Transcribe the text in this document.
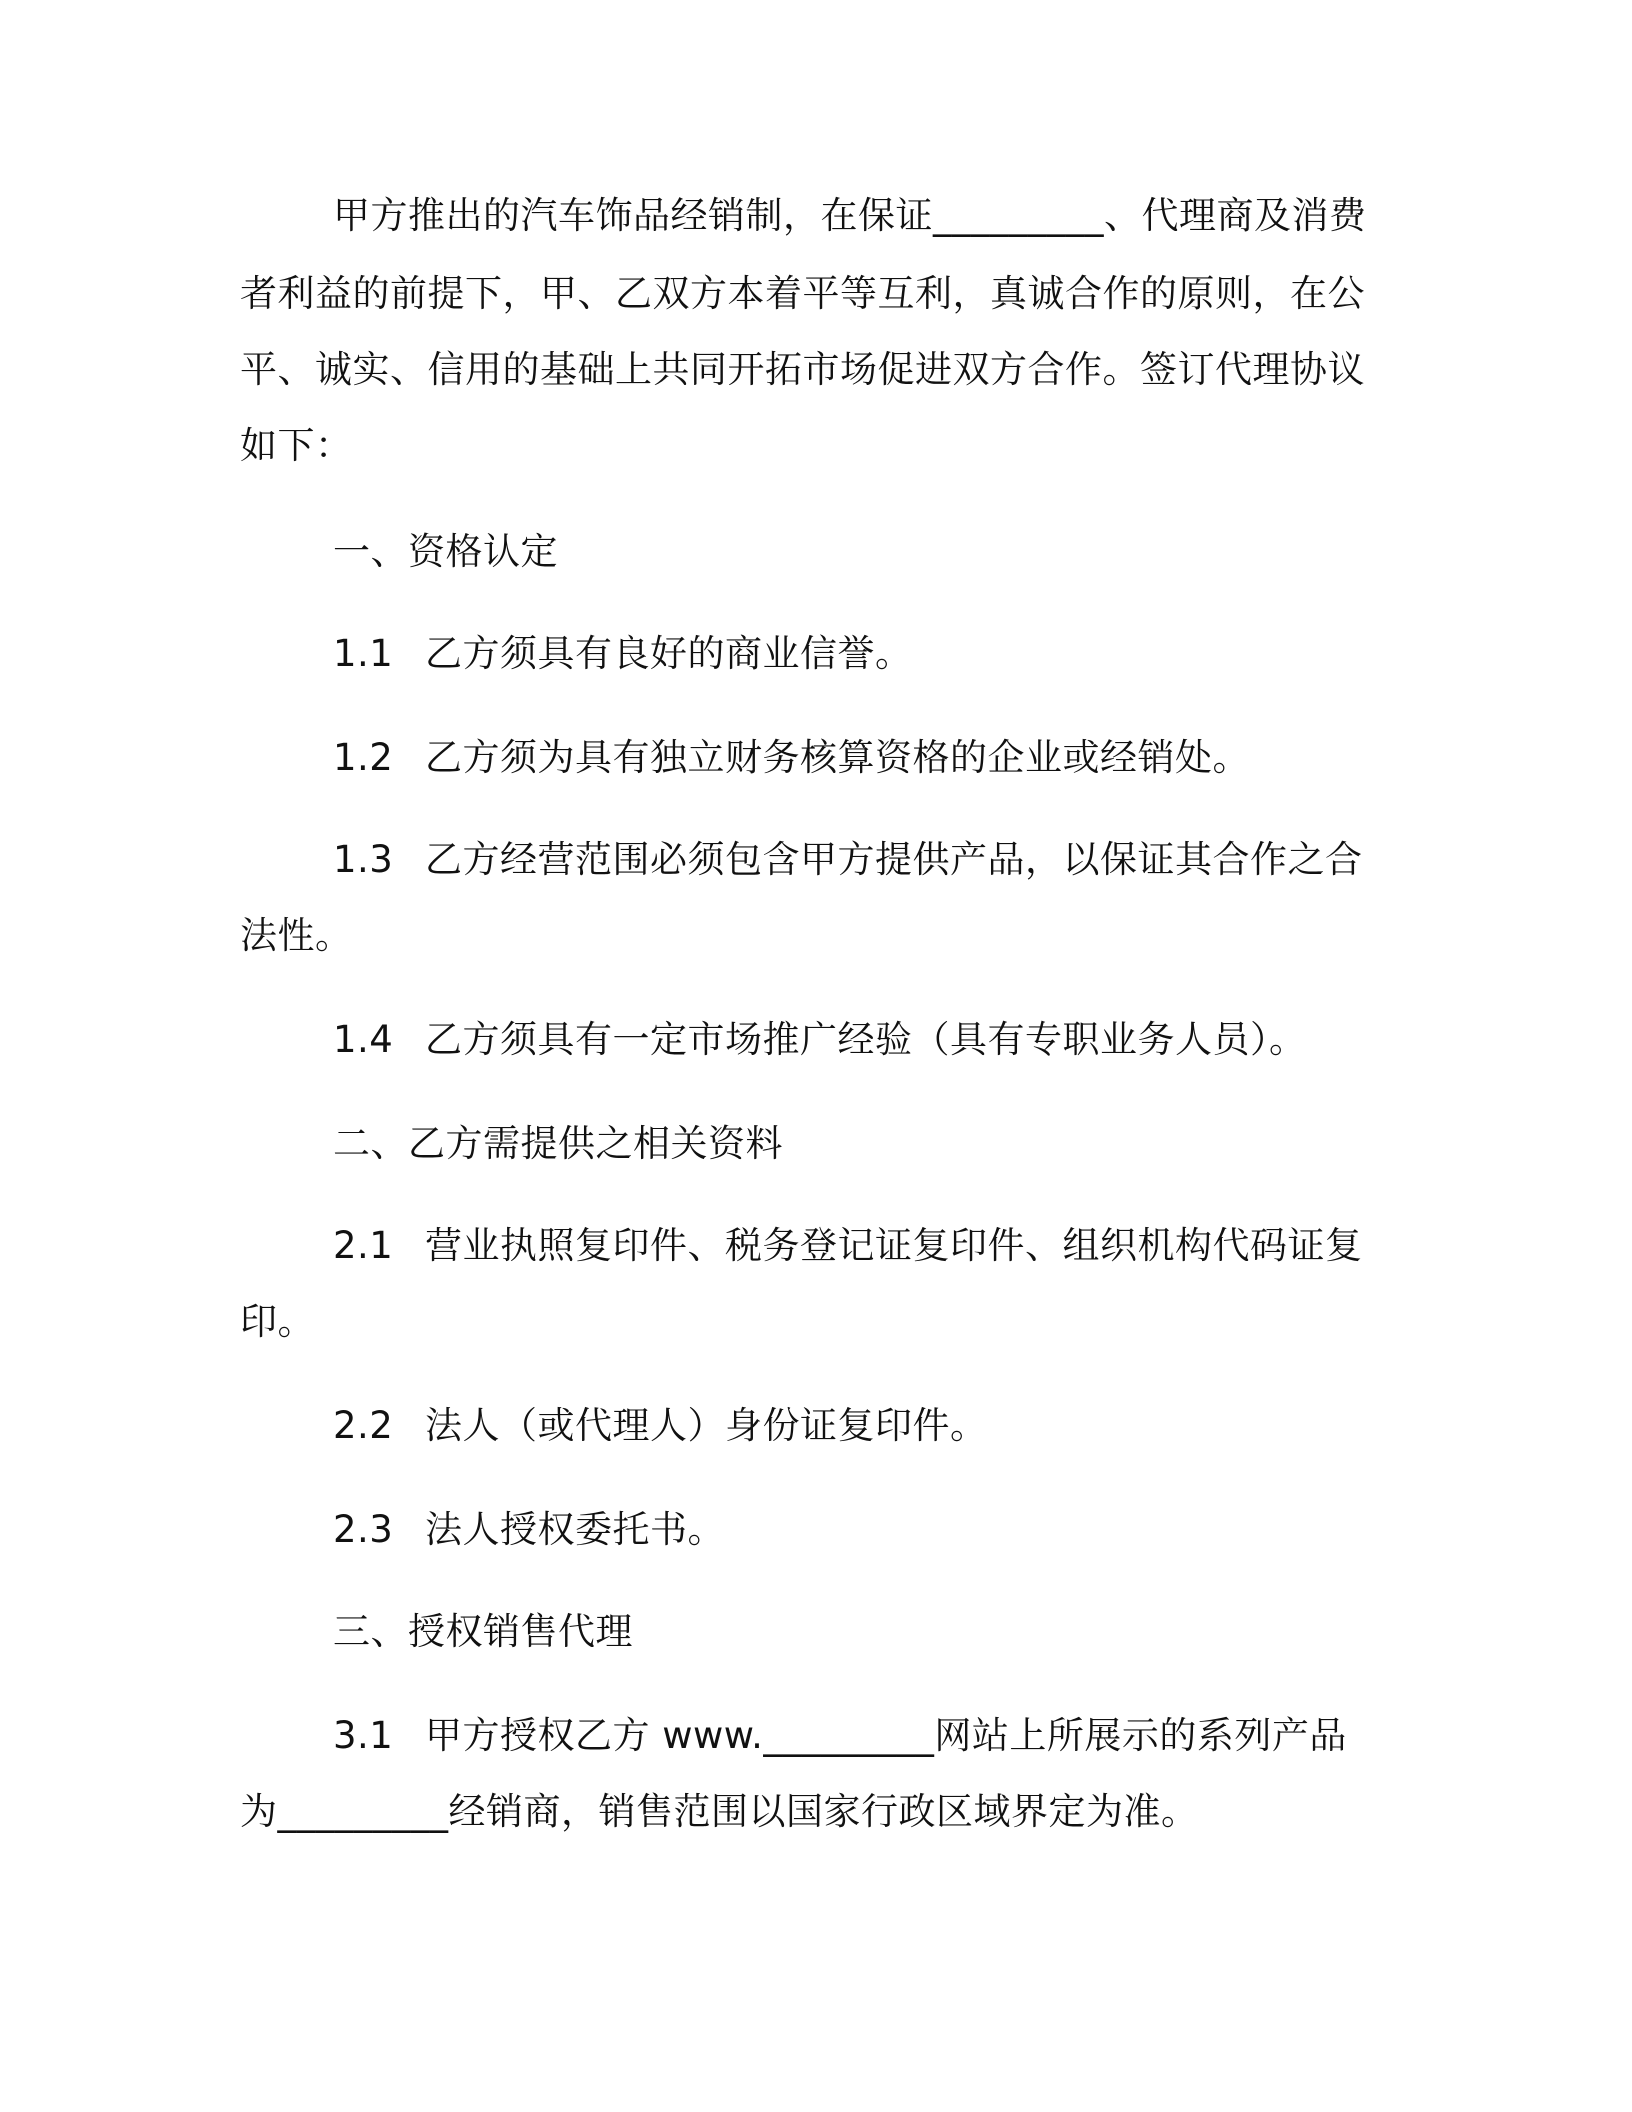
甲方推出的汽车饰品经销制，在保证_________、代理商及消费
者利益的前提下，甲、乙双方本着平等互利，真诚合作的原则，在公
平、诚实、信用的基础上共同开拓市场促进双方合作。签订代理协议
如下：
一、资格认定
1.1 乙方须具有良好的商业信誉。
1.2 乙方须为具有独立财务核算资格的企业或经销处。
1.3 乙方经营范围必须包含甲方提供产品，以保证其合作之合
法性。
1.4 乙方须具有一定市场推广经验（具有专职业务人员）。
二、乙方需提供之相关资料
2.1 营业执照复印件、税务登记证复印件、组织机构代码证复
印。
2.2 法人（或代理人）身份证复印件。
2.3 法人授权委托书。
三、授权销售代理
3.1 甲方授权乙方 www._________网站上所展示的系列产品
为_________经销商，销售范围以国家行政区域界定为准。
